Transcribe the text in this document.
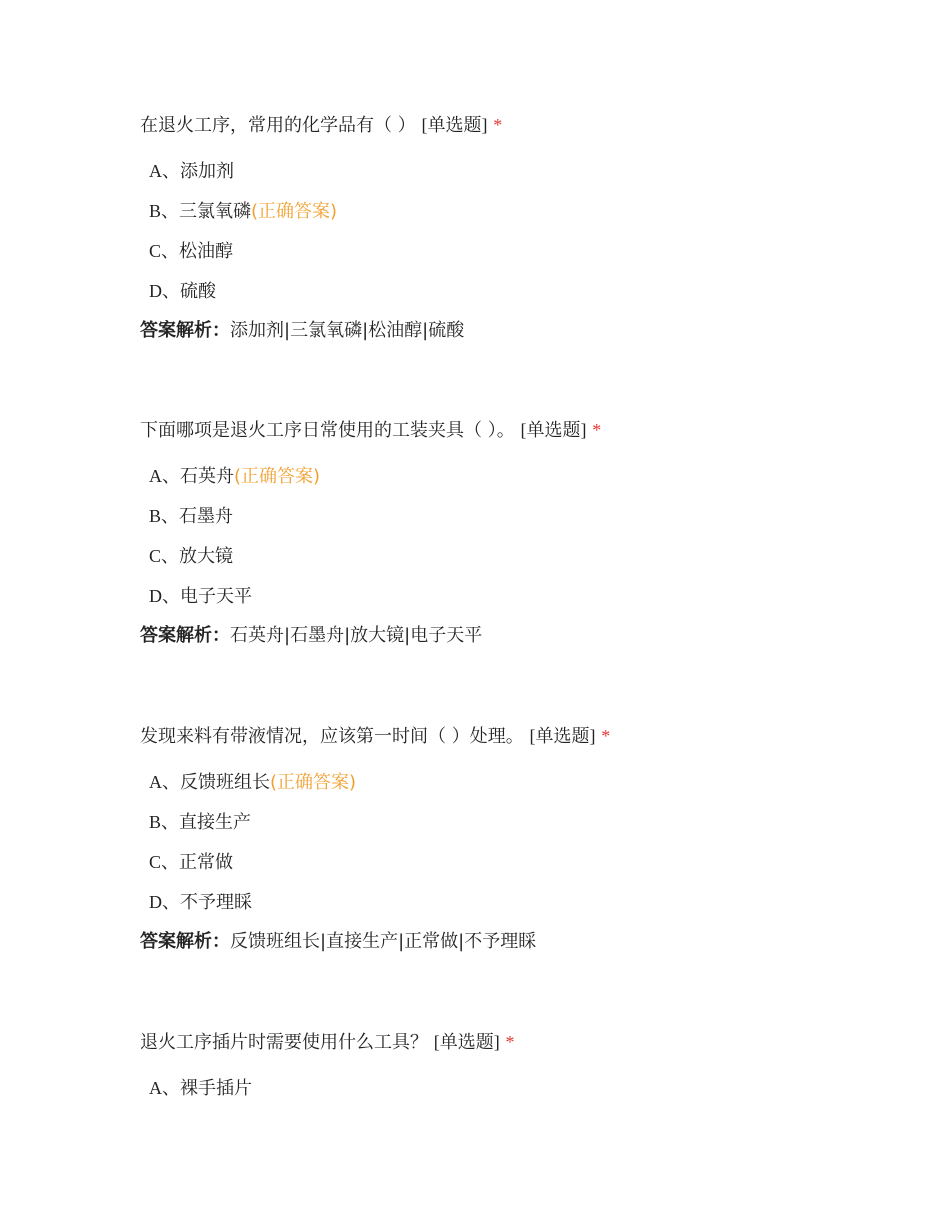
在退火工序，常用的化学品有（ ） [单选题] *
A、添加剂
B、三氯氧磷(正确答案)
C、松油醇
D、硫酸
答案解析：添加剂|三氯氧磷|松油醇|硫酸
下面哪项是退火工序日常使用的工装夹具（ ）。 [单选题] *
A、石英舟(正确答案)
B、石墨舟
C、放大镜
D、电子天平
答案解析：石英舟|石墨舟|放大镜|电子天平
发现来料有带液情况，应该第一时间（ ）处理。 [单选题] *
A、反馈班组长(正确答案)
B、直接生产
C、正常做
D、不予理睬
答案解析：反馈班组长|直接生产|正常做|不予理睬
退火工序插片时需要使用什么工具？ [单选题] *
A、裸手插片
